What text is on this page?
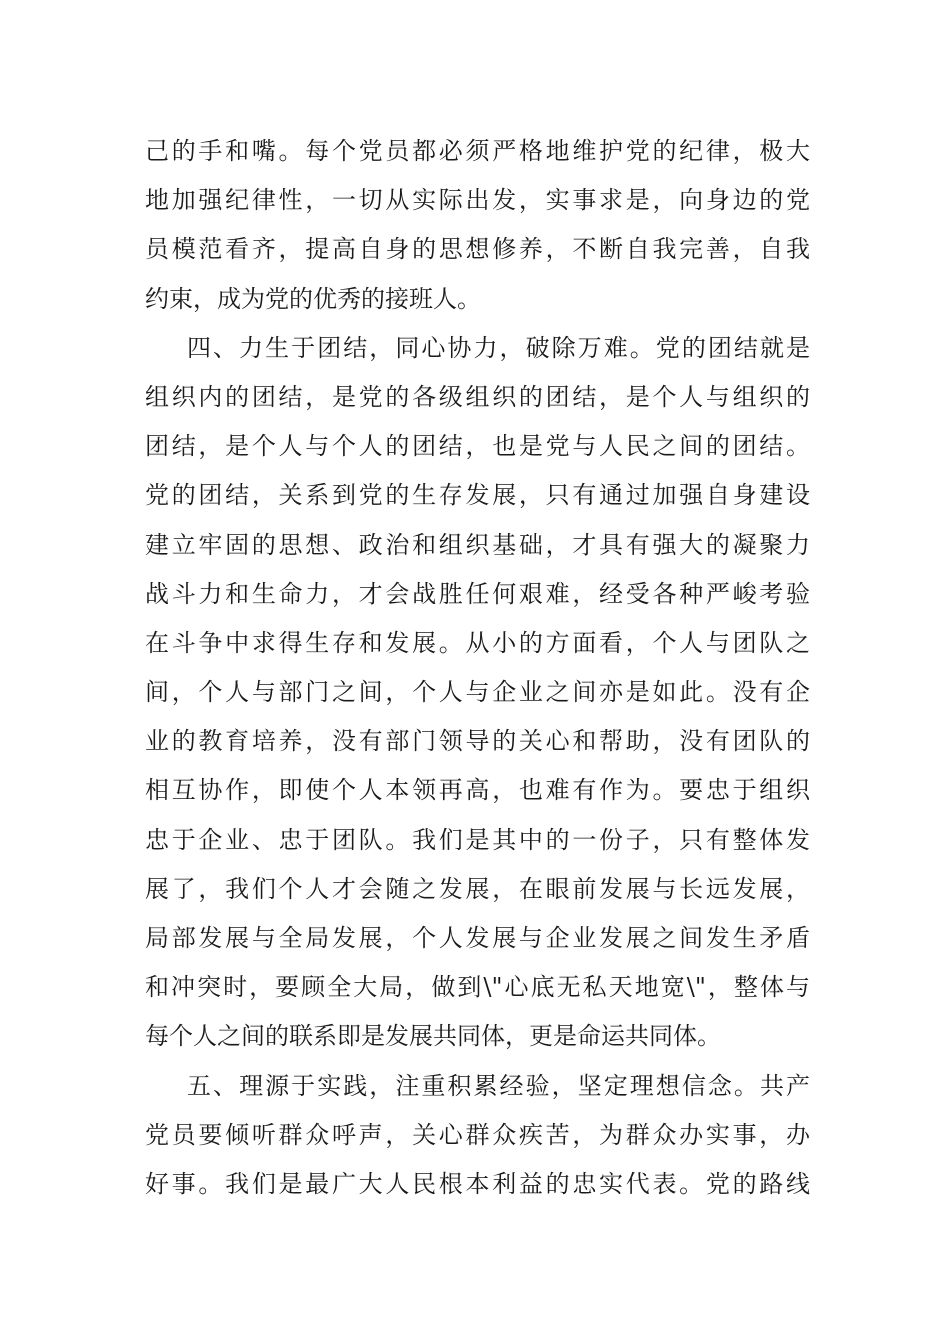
己的手和嘴。每个党员都必须严格地维护党的纪律，极大
地加强纪律性，一切从实际出发，实事求是，向身边的党
员模范看齐，提高自身的思想修养，不断自我完善，自我
约束，成为党的优秀的接班人。
四、力生于团结，同心协力，破除万难。党的团结就是
组织内的团结，是党的各级组织的团结，是个人与组织的
团结，是个人与个人的团结，也是党与人民之间的团结。
党的团结，关系到党的生存发展，只有通过加强自身建设
建立牢固的思想、政治和组织基础，才具有强大的凝聚力
战斗力和生命力，才会战胜任何艰难，经受各种严峻考验
在斗争中求得生存和发展。从小的方面看，个人与团队之
间，个人与部门之间，个人与企业之间亦是如此。没有企
业的教育培养，没有部门领导的关心和帮助，没有团队的
相互协作，即使个人本领再高，也难有作为。要忠于组织
忠于企业、忠于团队。我们是其中的一份子，只有整体发
展了，我们个人才会随之发展，在眼前发展与长远发展，
局部发展与全局发展，个人发展与企业发展之间发生矛盾
和冲突时，要顾全大局，做到\"心底无私天地宽\"，整体与
每个人之间的联系即是发展共同体，更是命运共同体。
五、理源于实践，注重积累经验，坚定理想信念。共产
党员要倾听群众呼声，关心群众疾苦，为群众办实事，办
好事。我们是最广大人民根本利益的忠实代表。党的路线
